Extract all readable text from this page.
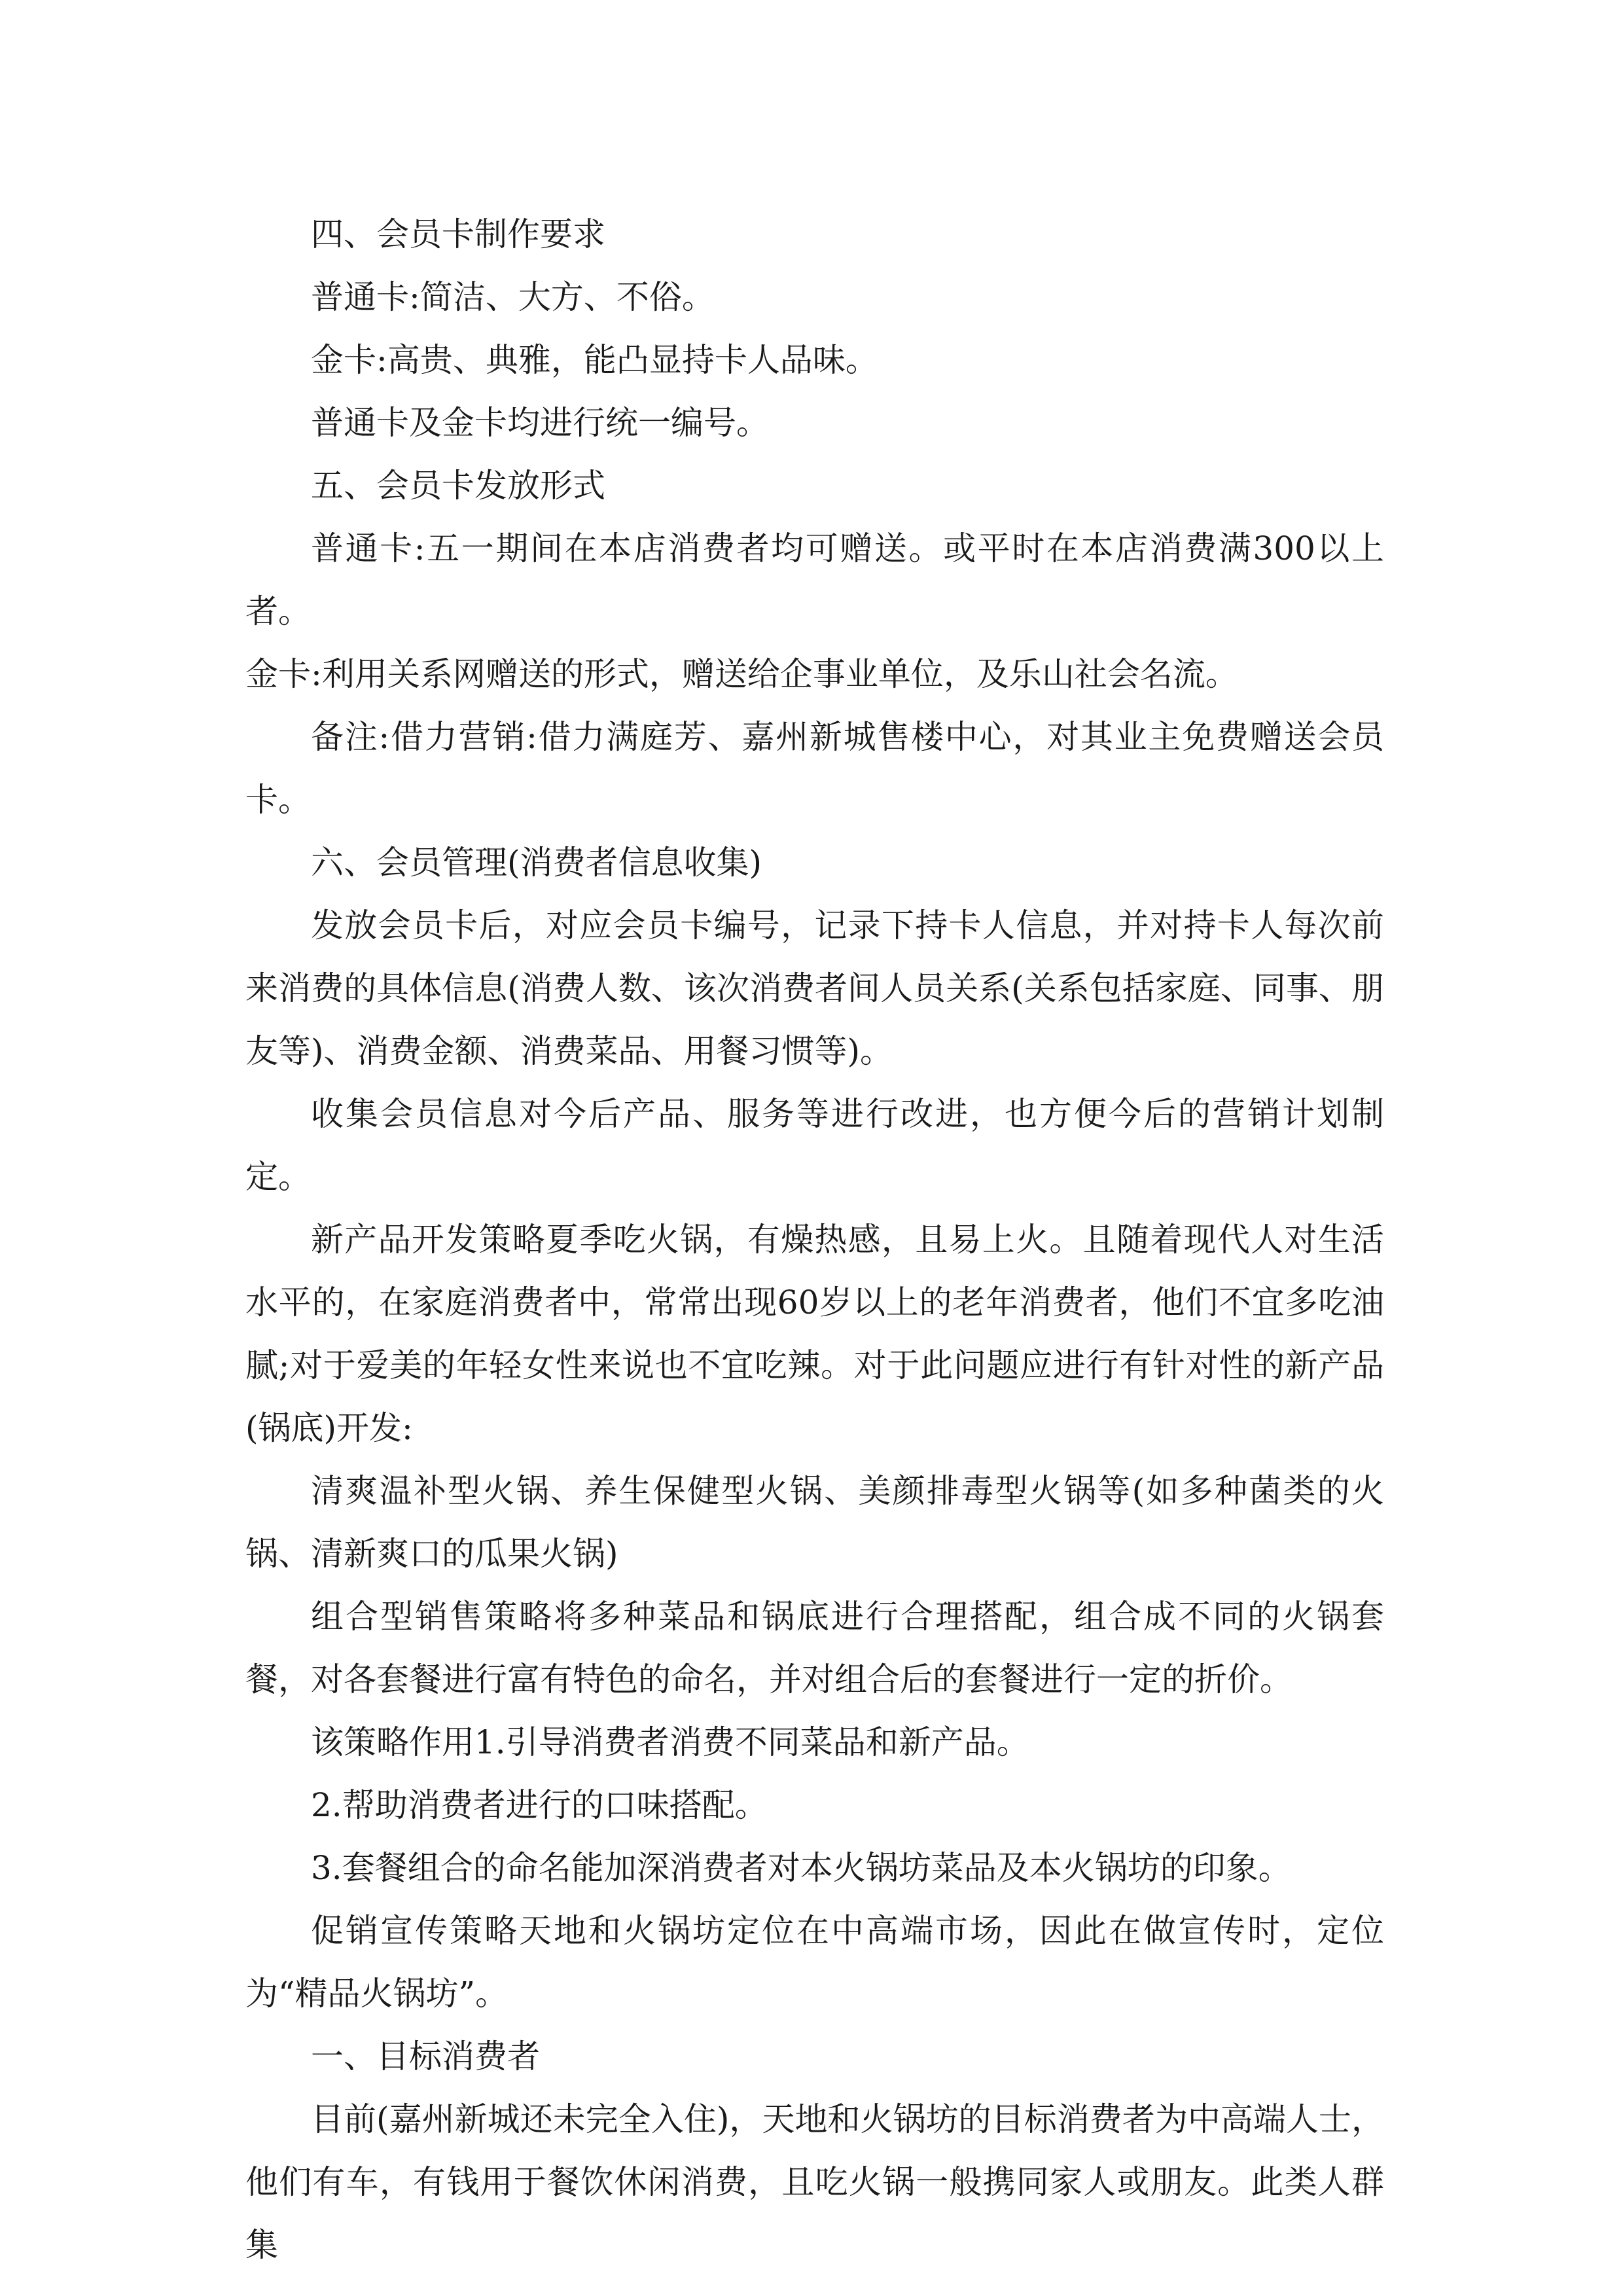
四、会员卡制作要求

普通卡:简洁、大方、不俗。

金卡:高贵、典雅，能凸显持卡人品味。

普通卡及金卡均进行统一编号。

五、会员卡发放形式

普通卡:五一期间在本店消费者均可赠送。或平时在本店消费满300以上者。

金卡:利用关系网赠送的形式，赠送给企事业单位，及乐山社会名流。

备注:借力营销:借力满庭芳、嘉州新城售楼中心，对其业主免费赠送会员卡。

六、会员管理(消费者信息收集)

发放会员卡后，对应会员卡编号，记录下持卡人信息，并对持卡人每次前来消费的具体信息(消费人数、该次消费者间人员关系(关系包括家庭、同事、朋友等)、消费金额、消费菜品、用餐习惯等)。

收集会员信息对今后产品、服务等进行改进，也方便今后的营销计划制定。

新产品开发策略夏季吃火锅，有燥热感，且易上火。且随着现代人对生活水平的，在家庭消费者中，常常出现60岁以上的老年消费者，他们不宜多吃油腻;对于爱美的年轻女性来说也不宜吃辣。对于此问题应进行有针对性的新产品(锅底)开发:

清爽温补型火锅、养生保健型火锅、美颜排毒型火锅等(如多种菌类的火锅、清新爽口的瓜果火锅)

组合型销售策略将多种菜品和锅底进行合理搭配，组合成不同的火锅套餐，对各套餐进行富有特色的命名，并对组合后的套餐进行一定的折价。

该策略作用1.引导消费者消费不同菜品和新产品。

2.帮助消费者进行的口味搭配。

3.套餐组合的命名能加深消费者对本火锅坊菜品及本火锅坊的印象。

促销宣传策略天地和火锅坊定位在中高端市场，因此在做宣传时，定位为“精品火锅坊”。

一、目标消费者

目前(嘉州新城还未完全入住)，天地和火锅坊的目标消费者为中高端人士，他们有车，有钱用于餐饮休闲消费，且吃火锅一般携同家人或朋友。此类人群集
